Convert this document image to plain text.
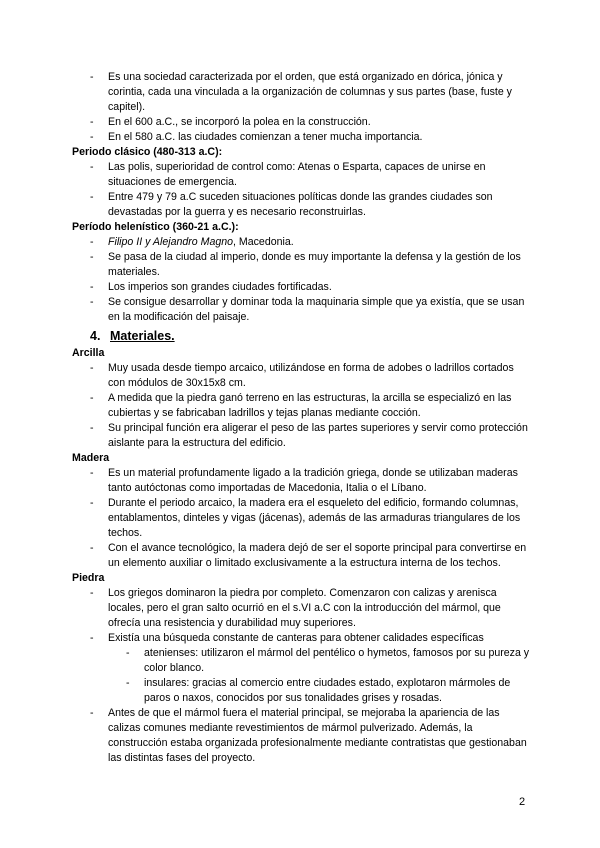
- Es una sociedad caracterizada por el orden, que está organizado en dórica, jónica y corintia, cada una vinculada a la organización de columnas y sus partes (base, fuste y capitel).
- En el 600 a.C., se incorporó la polea en la construcción.
- En el 580 a.C. las ciudades comienzan a tener mucha importancia.
Periodo clásico (480-313 a.C):
- Las polis, superioridad de control como: Atenas o Esparta, capaces de unirse en situaciones de emergencia.
- Entre 479 y 79 a.C suceden situaciones políticas donde las grandes ciudades son devastadas por la guerra y es necesario reconstruirlas.
Período helenístico (360-21 a.C.):
- Filipo II y Alejandro Magno, Macedonia.
- Se pasa de la ciudad al imperio, donde es muy importante la defensa y la gestión de los materiales.
- Los imperios son grandes ciudades fortificadas.
- Se consigue desarrollar y dominar toda la maquinaria simple que ya existía, que se usan en la modificación del paisaje.
4. Materiales.
Arcilla
- Muy usada desde tiempo arcaico, utilizándose en forma de adobes o ladrillos cortados con módulos de 30x15x8 cm.
- A medida que la piedra ganó terreno en las estructuras, la arcilla se especializó en las cubiertas y se fabricaban ladrillos y tejas planas mediante cocción.
- Su principal función era aligerar el peso de las partes superiores y servir como protección aislante para la estructura del edificio.
Madera
- Es un material profundamente ligado a la tradición griega, donde se utilizaban maderas tanto autóctonas como importadas de Macedonia, Italia o el Líbano.
- Durante el periodo arcaico, la madera era el esqueleto del edificio, formando columnas, entablamentos, dinteles y vigas (jácenas), además de las armaduras triangulares de los techos.
- Con el avance tecnológico, la madera dejó de ser el soporte principal para convertirse en un elemento auxiliar o limitado exclusivamente a la estructura interna de los techos.
Piedra
- Los griegos dominaron la piedra por completo. Comenzaron con calizas y arenisca locales, pero el gran salto ocurrió en el s.VI a.C con la introducción del mármol, que ofrecía una resistencia y durabilidad muy superiores.
- Existía una búsqueda constante de canteras para obtener calidades específicas
- atenienses: utilizaron el mármol del pentélico o hymetos, famosos por su pureza y color blanco.
- insulares: gracias al comercio entre ciudades estado, explotaron mármoles de paros o naxos, conocidos por sus tonalidades grises y rosadas.
- Antes de que el mármol fuera el material principal, se mejoraba la apariencia de las calizas comunes mediante revestimientos de mármol pulverizado. Además, la construcción estaba organizada profesionalmente mediante contratistas que gestionaban las distintas fases del proyecto.
2
